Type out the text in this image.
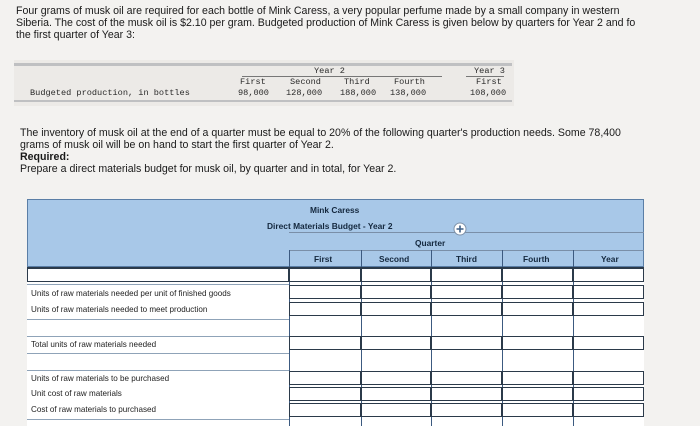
Four grams of musk oil are required for each bottle of Mink Caress, a very popular perfume made by a small company in western
Siberia. The cost of the musk oil is $2.10 per gram. Budgeted production of Mink Caress is given below by quarters for Year 2 and fo
the first quarter of Year 3:
Year 2	Year 3
First	Second	Third	Fourth	First
Budgeted production, in bottles	98,000 128,000 188,000 138,000	108,000
The inventory of musk oil at the end of a quarter must be equal to 20% of the following quarter's production needs. Some 78,400
grams of musk oil will be on hand to start the first quarter of Year 2.
Required:
Prepare a direct materials budget for musk oil, by quarter and in total, for Year 2.
Mink Caress
Direct Materials Budget - Year 2
Quarter
First	Second	Third	Fourth	Year
Units of raw materials needed per unit of finished goods
Units of raw materials needed to meet production
Total units of raw materials needed
Units of raw materials to be purchased
Unit cost of raw materials
Cost of raw materials to purchased
